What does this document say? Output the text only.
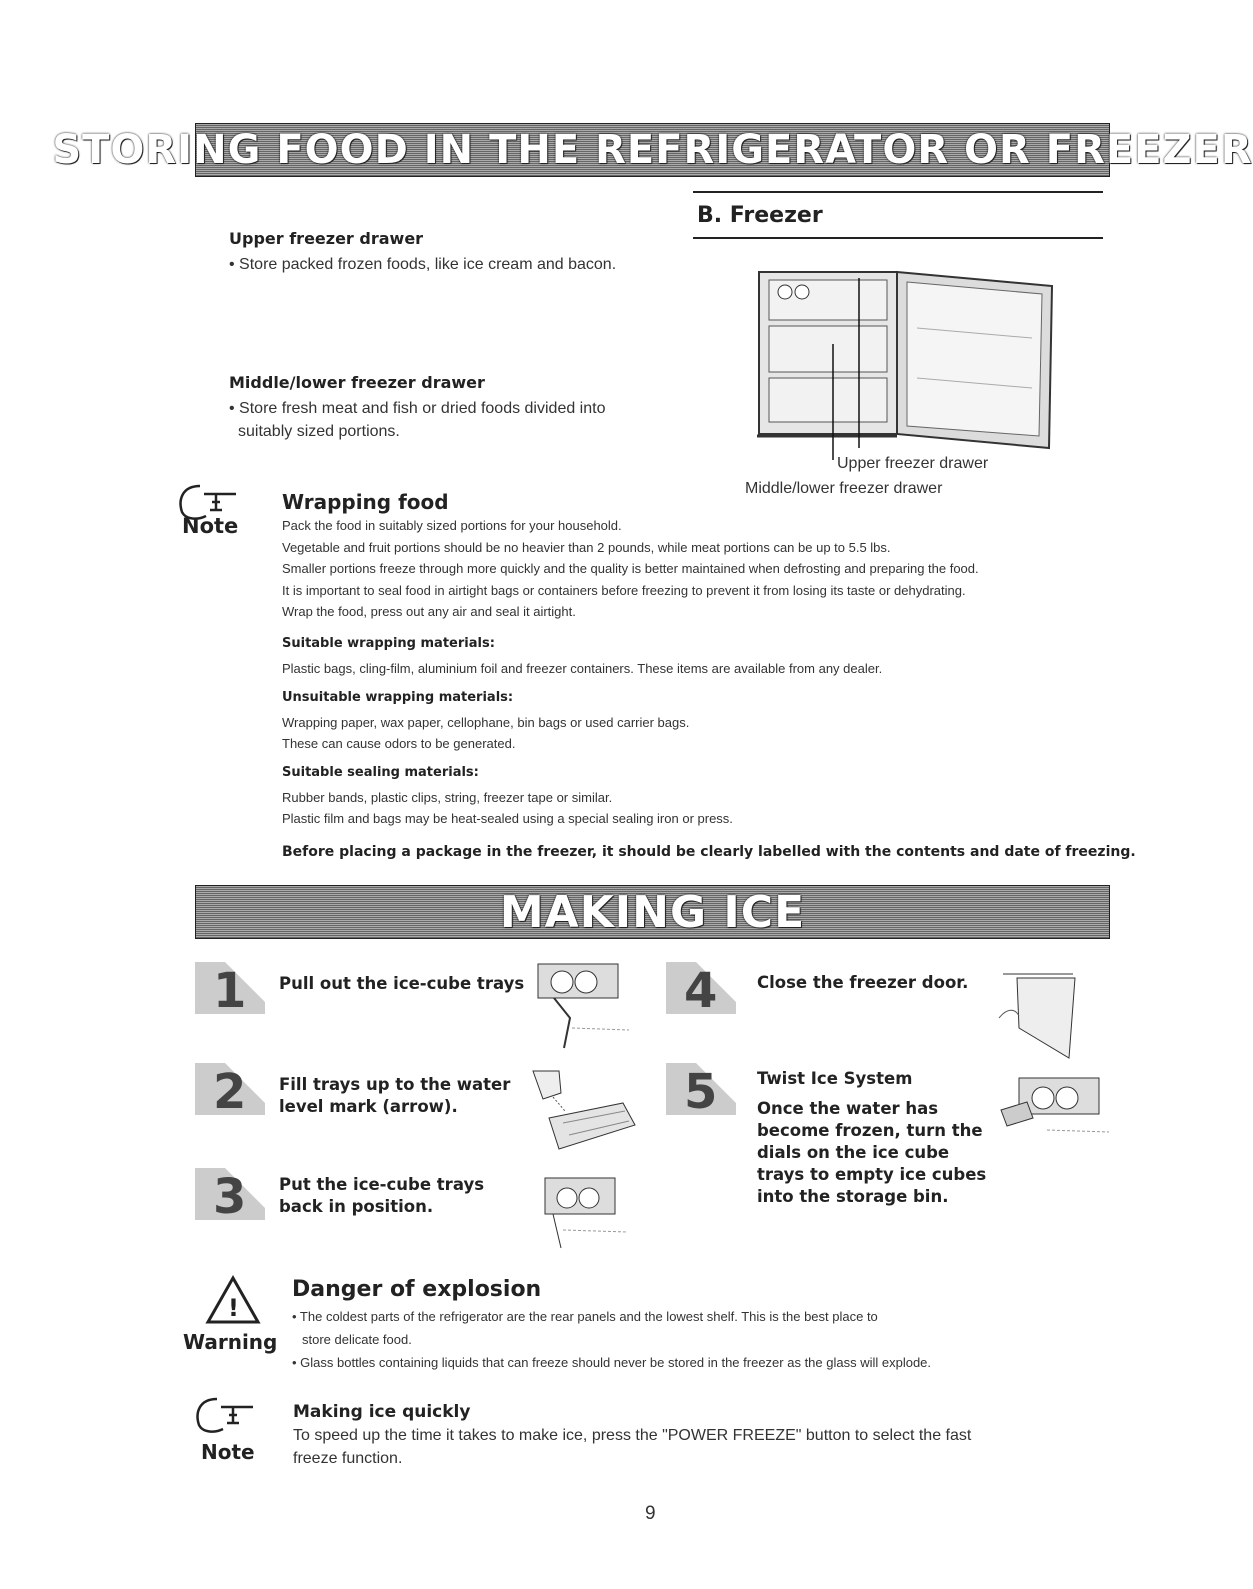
STORING FOOD IN THE REFRIGERATOR OR FREEZER
B. Freezer
Upper freezer drawer
• Store packed frozen foods, like ice cream and bacon.
Middle/lower freezer drawer
• Store fresh meat and fish or dried foods divided into
suitably sized portions.
Upper freezer drawer
Middle/lower freezer drawer
Note
Wrapping food
Pack the food in suitably sized portions for your household.
Vegetable and fruit portions should be no heavier than 2 pounds, while meat portions can be up to 5.5 lbs.
Smaller portions freeze through more quickly and the quality is better maintained when defrosting and preparing the food.
It is important to seal food in airtight bags or containers before freezing to prevent it from losing its taste or dehydrating.
Wrap the food, press out any air and seal it airtight.
Suitable wrapping materials:
Plastic bags, cling-film, aluminium foil and freezer containers. These items are available from any dealer.
Unsuitable wrapping materials:
Wrapping paper, wax paper, cellophane, bin bags or used carrier bags.
These can cause odors to be generated.
Suitable sealing materials:
Rubber bands, plastic clips, string, freezer tape or similar.
Plastic film and bags may be heat-sealed using a special sealing iron or press.
Before placing a package in the freezer, it should be clearly labelled with the contents and date of freezing.
MAKING ICE
1 Pull out the ice-cube trays
2 Fill trays up to the water
level mark (arrow).
3 Put the ice-cube trays
back in position.
4 Close the freezer door.
5 Twist Ice System
Once the water has
become frozen, turn the
dials on the ice cube
trays to empty ice cubes
into the storage bin.
!
Warning
Danger of explosion
• The coldest parts of the refrigerator are the rear panels and the lowest shelf. This is the best place to
store delicate food.
• Glass bottles containing liquids that can freeze should never be stored in the freezer as the glass will explode.
Note
Making ice quickly
To speed up the time it takes to make ice, press the "POWER FREEZE" button to select the fast
freeze function.
9
